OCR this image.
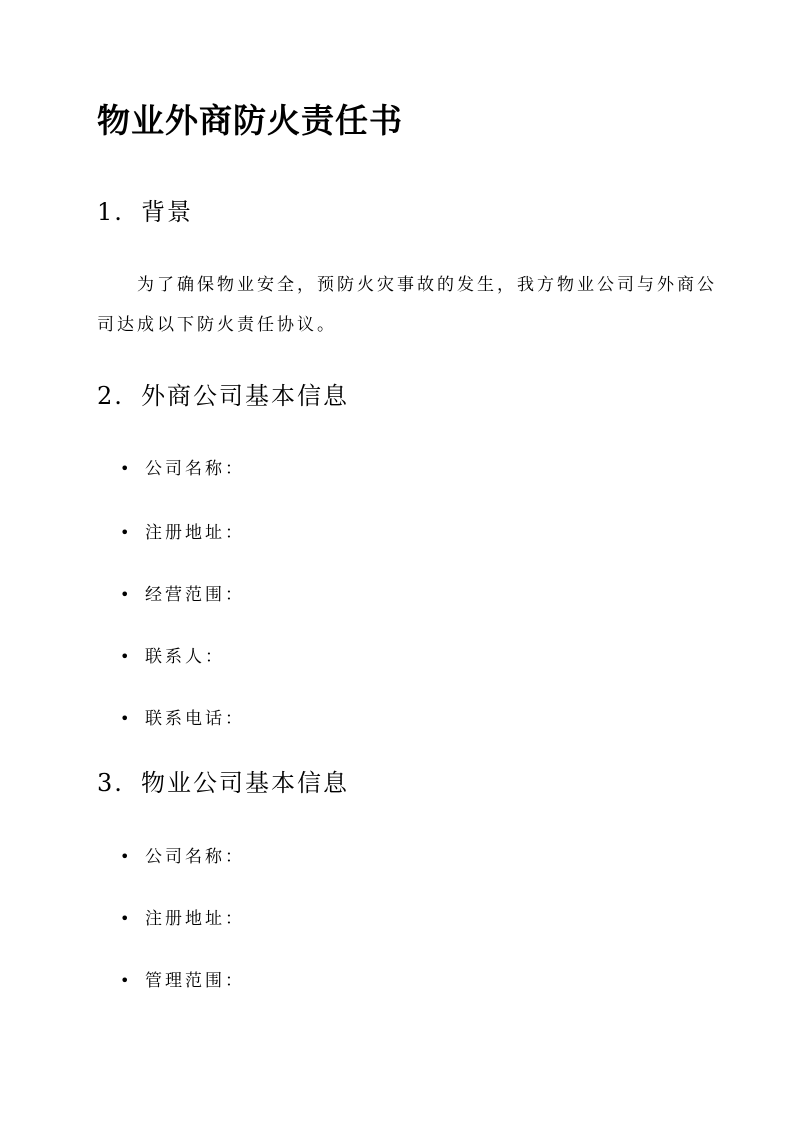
物业外商防火责任书
1. 背景

为了确保物业安全，预防火灾事故的发生，我方物业公司与外商公司达成以下防火责任协议。

2. 外商公司基本信息
• 公司名称：
• 注册地址：
• 经营范围：
• 联系人：
• 联系电话：
3. 物业公司基本信息
• 公司名称：
• 注册地址：
• 管理范围：
